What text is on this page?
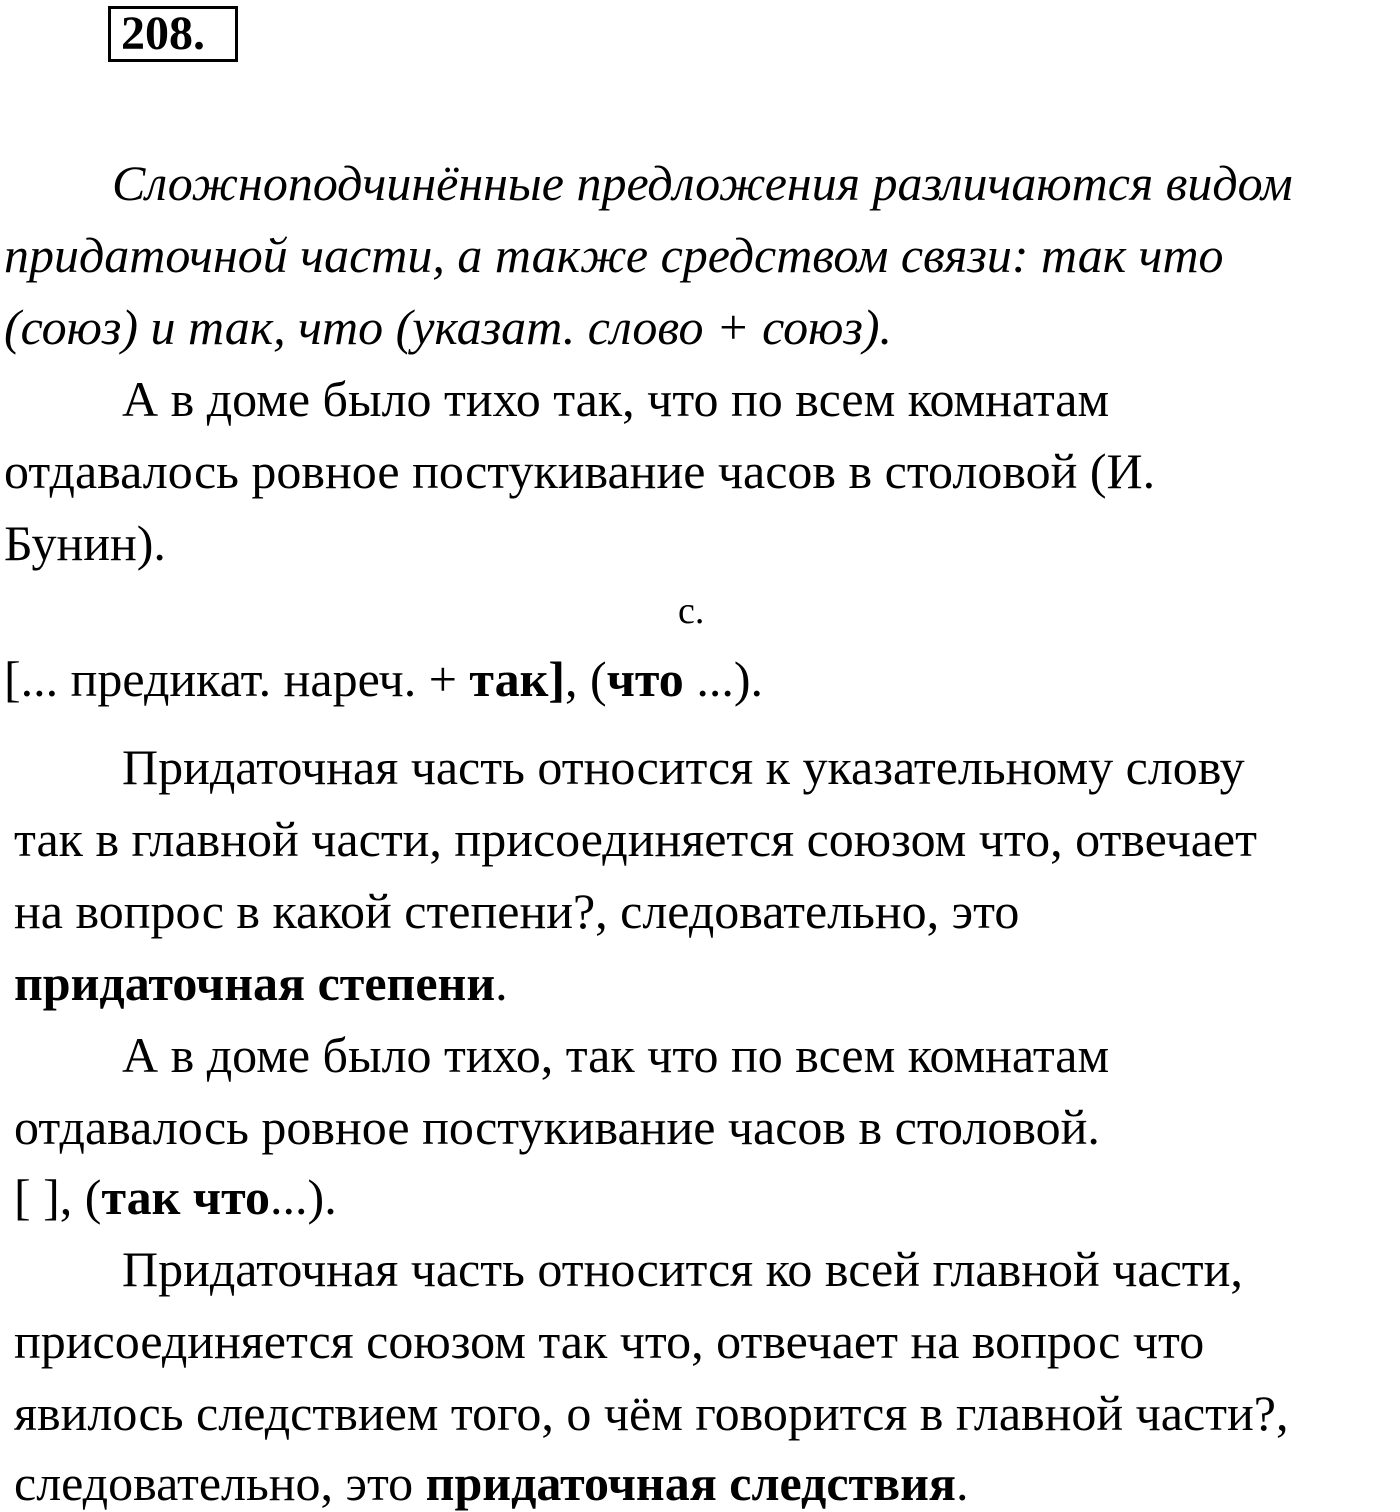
208.
Сложноподчинённые предложения различаются видом
придаточной части, а также средством связи: так что
(союз) и так, что (указат. слово + союз).
А в доме было тихо так, что по всем комнатам
отдавалось ровное постукивание часов в столовой (И.
Бунин).
с.
[... предикат. нареч. + так], (что ...).
Придаточная часть относится к указательному слову
так в главной части, присоединяется союзом что, отвечает
на вопрос в какой степени?, следовательно, это
придаточная степени.
А в доме было тихо, так что по всем комнатам
отдавалось ровное постукивание часов в столовой.
[ ], (так что...).
Придаточная часть относится ко всей главной части,
присоединяется союзом так что, отвечает на вопрос что
явилось следствием того, о чём говорится в главной части?,
следовательно, это придаточная следствия.
